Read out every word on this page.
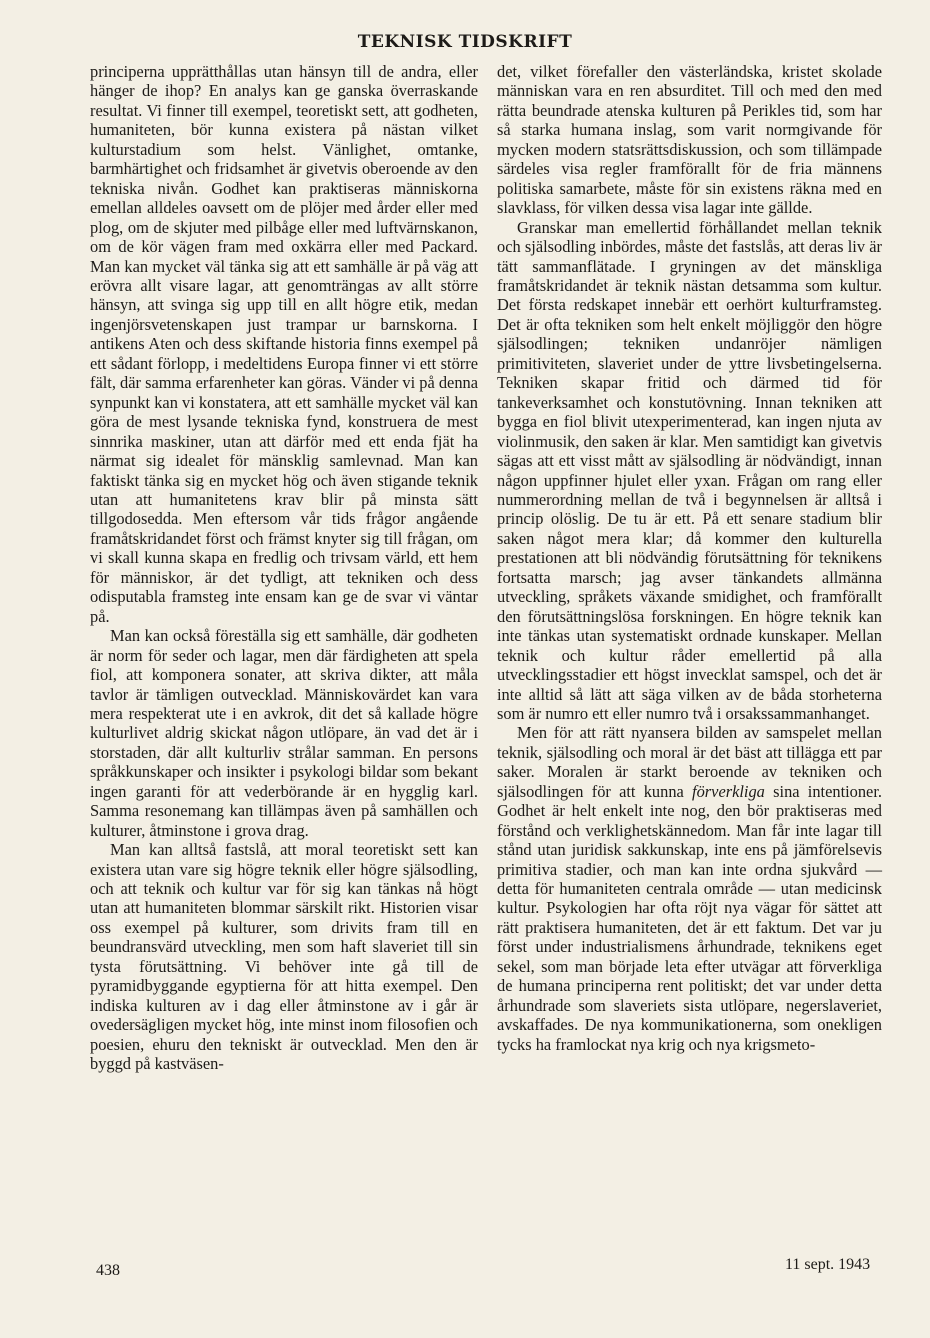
TEKNISK TIDSKRIFT

principerna upprätthållas utan hänsyn till de andra, eller hänger de ihop? En analys kan ge ganska överraskande resultat. Vi finner till exempel, teoretiskt sett, att godheten, humaniteten, bör kunna existera på nästan vilket kulturstadium som helst. Vänlighet, omtanke, barmhärtighet och fridsamhet är givetvis oberoende av den tekniska nivån. Godhet kan praktiseras människorna emellan alldeles oavsett om de plöjer med årder eller med plog, om de skjuter med pilbåge eller med luftvärnskanon, om de kör vägen fram med oxkärra eller med Packard. Man kan mycket väl tänka sig att ett samhälle är på väg att erövra allt visare lagar, att genomträngas av allt större hänsyn, att svinga sig upp till en allt högre etik, medan ingenjörsvetenskapen just trampar ur barnskorna. I antikens Aten och dess skiftande historia finns exempel på ett sådant förlopp, i medeltidens Europa finner vi ett större fält, där samma erfarenheter kan göras. Vänder vi på denna synpunkt kan vi konstatera, att ett samhälle mycket väl kan göra de mest lysande tekniska fynd, konstruera de mest sinnrika maskiner, utan att därför med ett enda fjät ha närmat sig idealet för mänsklig samlevnad. Man kan faktiskt tänka sig en mycket hög och även stigande teknik utan att humanitetens krav blir på minsta sätt tillgodosedda. Men eftersom vår tids frågor angående framåtskridandet först och främst knyter sig till frågan, om vi skall kunna skapa en fredlig och trivsam värld, ett hem för människor, är det tydligt, att tekniken och dess odisputabla framsteg inte ensam kan ge de svar vi väntar på.

Man kan också föreställa sig ett samhälle, där godheten är norm för seder och lagar, men där färdigheten att spela fiol, att komponera sonater, att skriva dikter, att måla tavlor är tämligen outvecklad. Människovärdet kan vara mera respekterat ute i en avkrok, dit det så kallade högre kulturlivet aldrig skickat någon utlöpare, än vad det är i storstaden, där allt kulturliv strålar samman. En persons språkkunskaper och insikter i psykologi bildar som bekant ingen garanti för att vederbörande är en hygglig karl. Samma resonemang kan tillämpas även på samhällen och kulturer, åtminstone i grova drag.

Man kan alltså fastslå, att moral teoretiskt sett kan existera utan vare sig högre teknik eller högre själsodling, och att teknik och kultur var för sig kan tänkas nå högt utan att humaniteten blommar särskilt rikt. Historien visar oss exempel på kulturer, som drivits fram till en beundransvärd utveckling, men som haft slaveriet till sin tysta förutsättning. Vi behöver inte gå till de pyramidbyggande egyptierna för att hitta exempel. Den indiska kulturen av i dag eller åtminstone av i går är ovedersägligen mycket hög, inte minst inom filosofien och poesien, ehuru den tekniskt är outvecklad. Men den är byggd på kastväsen-

det, vilket förefaller den västerländska, kristet skolade människan vara en ren absurditet. Till och med den med rätta beundrade atenska kulturen på Perikles tid, som har så starka humana inslag, som varit normgivande för mycken modern statsrättsdiskussion, och som tillämpade särdeles visa regler framförallt för de fria männens politiska samarbete, måste för sin existens räkna med en slavklass, för vilken dessa visa lagar inte gällde.

Granskar man emellertid förhållandet mellan teknik och själsodling inbördes, måste det fastslås, att deras liv är tätt sammanflätade. I gryningen av det mänskliga framåtskridandet är teknik nästan detsamma som kultur. Det första redskapet innebär ett oerhört kulturframsteg. Det är ofta tekniken som helt enkelt möjliggör den högre själsodlingen; tekniken undanröjer nämligen primitiviteten, slaveriet under de yttre livsbetingelserna. Tekniken skapar fritid och därmed tid för tankeverksamhet och konstutövning. Innan tekniken att bygga en fiol blivit utexperimenterad, kan ingen njuta av violinmusik, den saken är klar. Men samtidigt kan givetvis sägas att ett visst mått av själsodling är nödvändigt, innan någon uppfinner hjulet eller yxan. Frågan om rang eller nummerordning mellan de två i begynnelsen är alltså i princip olöslig. De tu är ett. På ett senare stadium blir saken något mera klar; då kommer den kulturella prestationen att bli nödvändig förutsättning för teknikens fortsatta marsch; jag avser tänkandets allmänna utveckling, språkets växande smidighet, och framförallt den förutsättningslösa forskningen. En högre teknik kan inte tänkas utan systematiskt ordnade kunskaper. Mellan teknik och kultur råder emellertid på alla utvecklingsstadier ett högst invecklat samspel, och det är inte alltid så lätt att säga vilken av de båda storheterna som är numro ett eller numro två i orsakssammanhanget.

Men för att rätt nyansera bilden av samspelet mellan teknik, själsodling och moral är det bäst att tillägga ett par saker. Moralen är starkt beroende av tekniken och själsodlingen för att kunna förverkliga sina intentioner. Godhet är helt enkelt inte nog, den bör praktiseras med förstånd och verklighetskännedom. Man får inte lagar till stånd utan juridisk sakkunskap, inte ens på jämförelsevis primitiva stadier, och man kan inte ordna sjukvård — detta för humaniteten centrala område — utan medicinsk kultur. Psykologien har ofta röjt nya vägar för sättet att rätt praktisera humaniteten, det är ett faktum. Det var ju först under industrialismens århundrade, teknikens eget sekel, som man började leta efter utvägar att förverkliga de humana principerna rent politiskt; det var under detta århundrade som slaveriets sista utlöpare, negerslaveriet, avskaffades. De nya kommunikationerna, som onekligen tycks ha framlockat nya krig och nya krigsmeto-

438	11 sept. 1943
